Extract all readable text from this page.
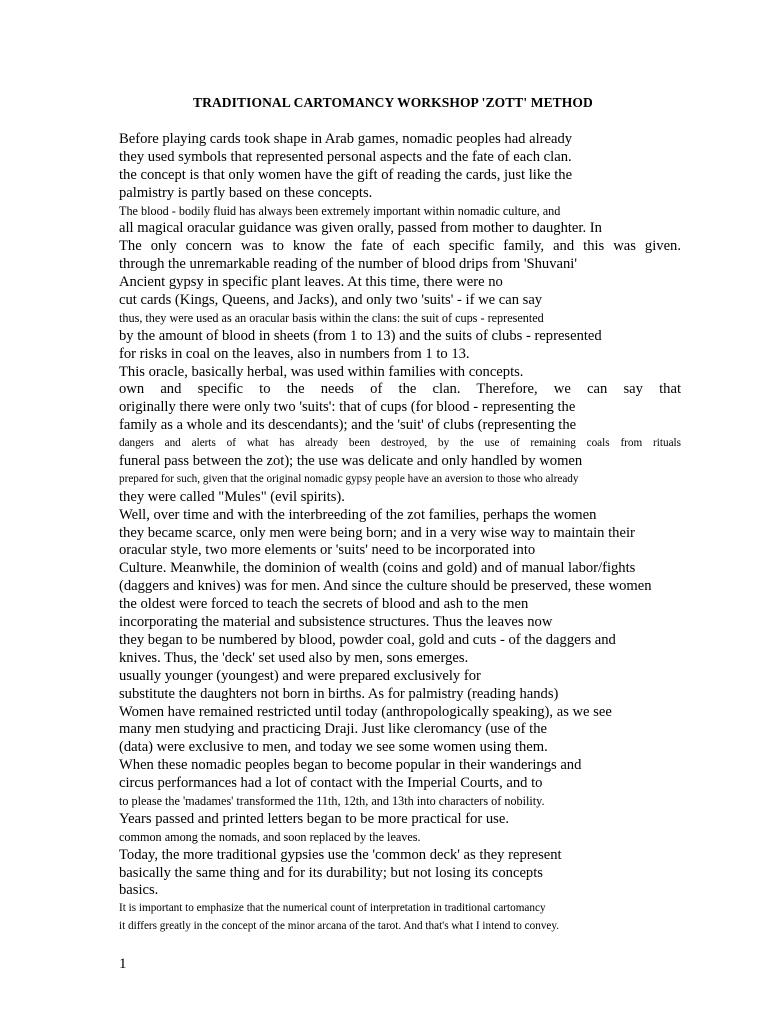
TRADITIONAL CARTOMANCY WORKSHOP 'ZOTT' METHOD
Before playing cards took shape in Arab games, nomadic peoples had already
they used symbols that represented personal aspects and the fate of each clan.
the concept is that only women have the gift of reading the cards, just like the
palmistry is partly based on these concepts.
The blood - bodily fluid has always been extremely important within nomadic culture, and
all magical oracular guidance was given orally, passed from mother to daughter. In
The only concern was to know the fate of each specific family, and this was given.
through the unremarkable reading of the number of blood drips from 'Shuvani'
Ancient gypsy in specific plant leaves. At this time, there were no
cut cards (Kings, Queens, and Jacks), and only two 'suits' - if we can say
thus, they were used as an oracular basis within the clans: the suit of cups - represented
by the amount of blood in sheets (from 1 to 13) and the suits of clubs - represented
for risks in coal on the leaves, also in numbers from 1 to 13.
This oracle, basically herbal, was used within families with concepts.
own and specific to the needs of the clan. Therefore, we can say that
originally there were only two 'suits': that of cups (for blood - representing the
family as a whole and its descendants); and the 'suit' of clubs (representing the
dangers and alerts of what has already been destroyed, by the use of remaining coals from rituals
funeral pass between the zot); the use was delicate and only handled by women
prepared for such, given that the original nomadic gypsy people have an aversion to those who already
they were called "Mules" (evil spirits).
Well, over time and with the interbreeding of the zot families, perhaps the women
they became scarce, only men were being born; and in a very wise way to maintain their
oracular style, two more elements or 'suits' need to be incorporated into
Culture. Meanwhile, the dominion of wealth (coins and gold) and of manual labor/fights
(daggers and knives) was for men. And since the culture should be preserved, these women
the oldest were forced to teach the secrets of blood and ash to the men
incorporating the material and subsistence structures. Thus the leaves now
they began to be numbered by blood, powder coal, gold and cuts - of the daggers and
knives. Thus, the 'deck' set used also by men, sons emerges.
usually younger (youngest) and were prepared exclusively for
substitute the daughters not born in births. As for palmistry (reading hands)
Women have remained restricted until today (anthropologically speaking), as we see
many men studying and practicing Draji. Just like cleromancy (use of the
(data) were exclusive to men, and today we see some women using them.
When these nomadic peoples began to become popular in their wanderings and
circus performances had a lot of contact with the Imperial Courts, and to
to please the 'madames' transformed the 11th, 12th, and 13th into characters of nobility.
Years passed and printed letters began to be more practical for use.
common among the nomads, and soon replaced by the leaves.
Today, the more traditional gypsies use the 'common deck' as they represent
basically the same thing and for its durability; but not losing its concepts
basics.
It is important to emphasize that the numerical count of interpretation in traditional cartomancy
it differs greatly in the concept of the minor arcana of the tarot. And that's what I intend to convey.
1
